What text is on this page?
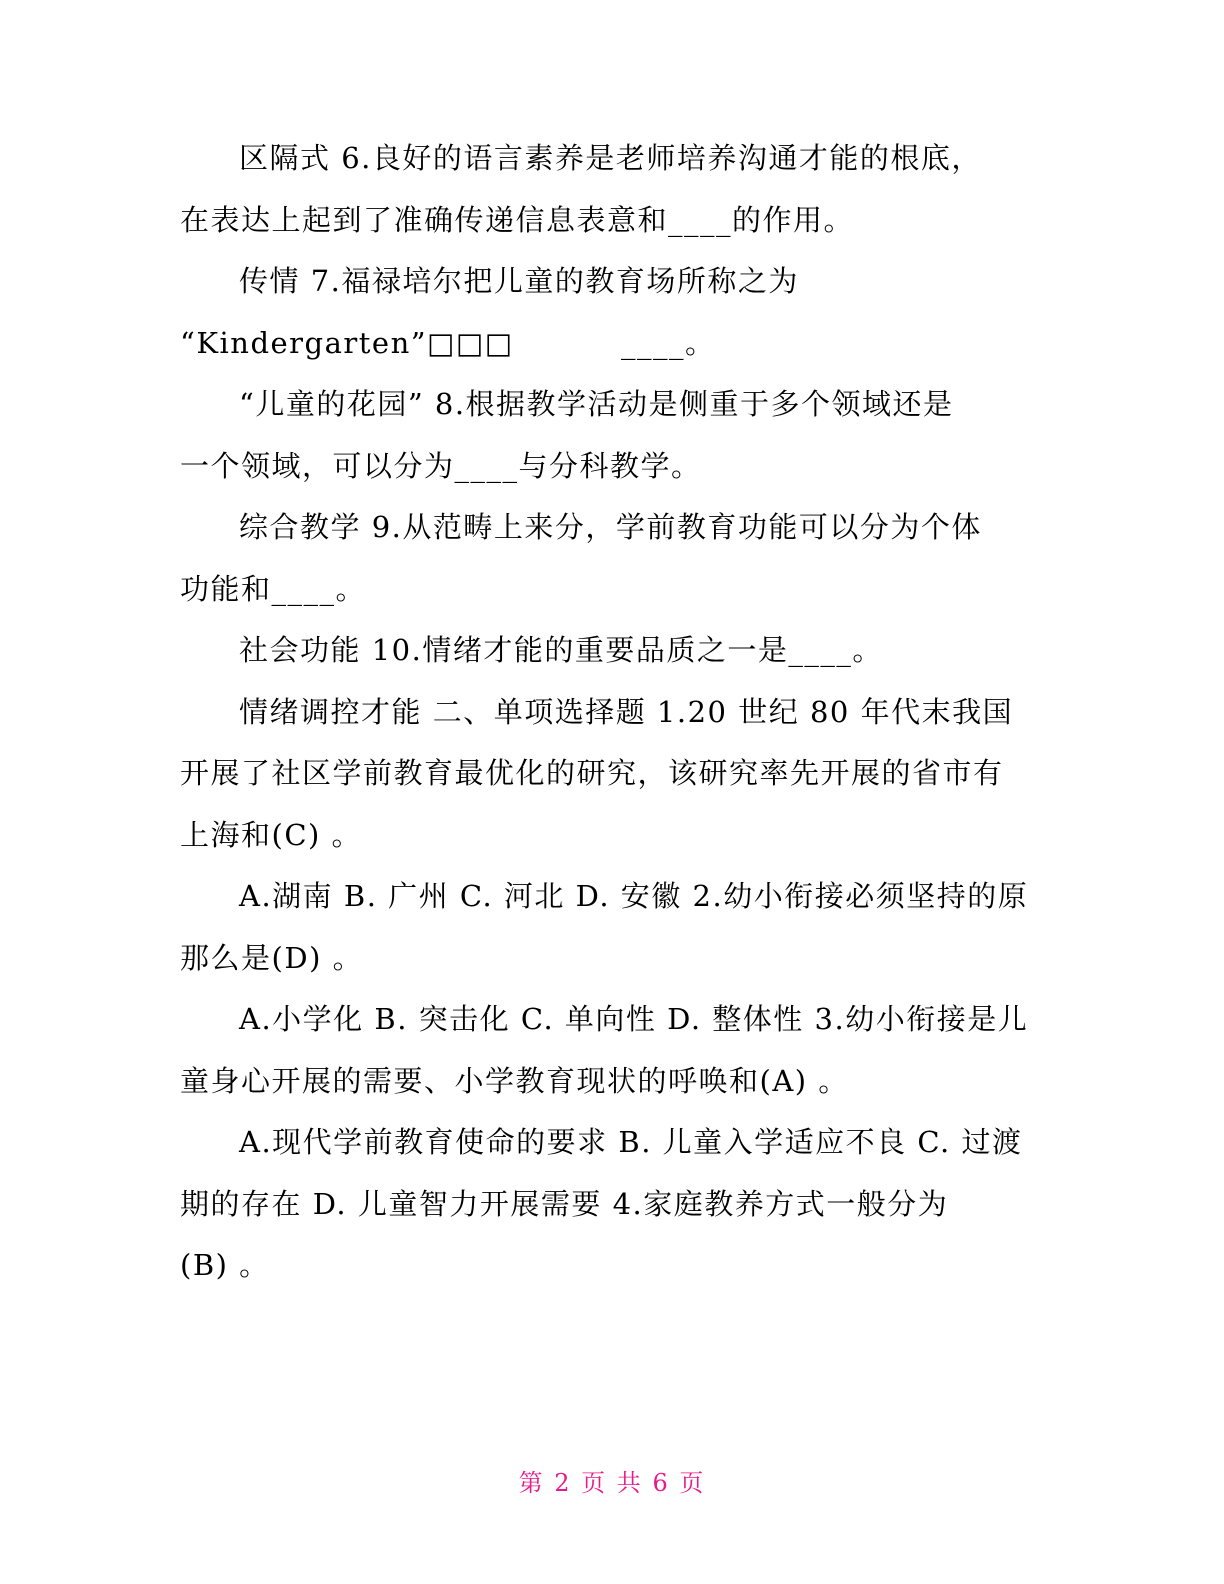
区隔式 6.良好的语言素养是老师培养沟通才能的根底，
在表达上起到了准确传递信息表意和____的作用。

传情 7.福禄培尔把儿童的教育场所称之为
“Kindergarten”□□□          ____。

“儿童的花园” 8.根据教学活动是侧重于多个领域还是
一个领域，可以分为____与分科教学。

综合教学 9.从范畴上来分，学前教育功能可以分为个体
功能和____。

社会功能 10.情绪才能的重要品质之一是____。

情绪调控才能 二、单项选择题 1.20 世纪 80 年代末我国
开展了社区学前教育最优化的研究，该研究率先开展的省市有
上海和(C) 。

A.湖南 B. 广州 C. 河北 D. 安徽 2.幼小衔接必须坚持的原
那么是(D) 。

A.小学化 B. 突击化 C. 单向性 D. 整体性 3.幼小衔接是儿
童身心开展的需要、小学教育现状的呼唤和(A) 。

A.现代学前教育使命的要求 B. 儿童入学适应不良 C. 过渡
期的存在 D. 儿童智力开展需要 4.家庭教养方式一般分为
(B) 。

第 2 页 共 6 页
